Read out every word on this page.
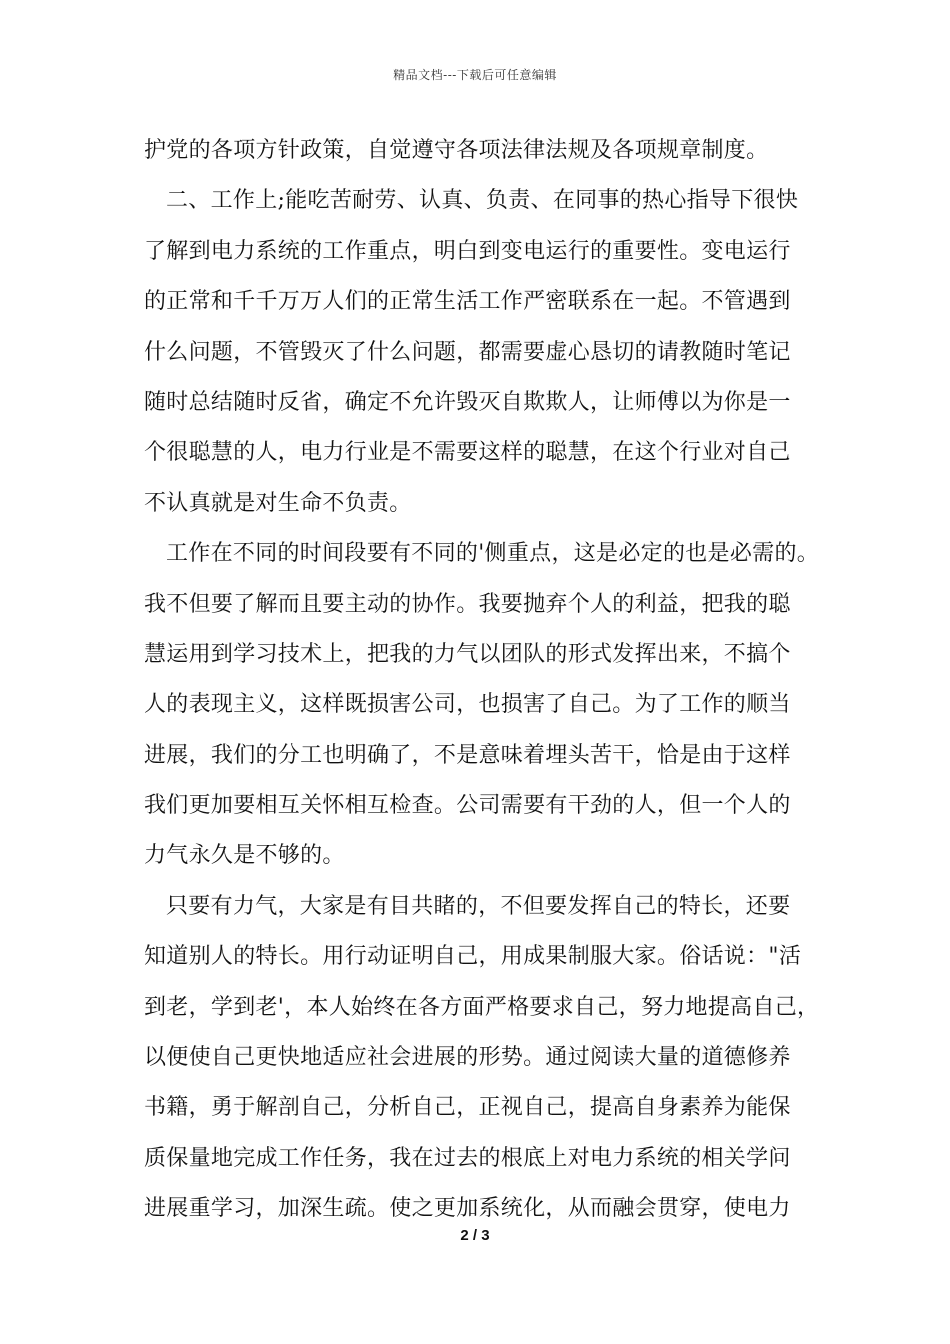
精品文档---下载后可任意编辑
护党的各项方针政策，自觉遵守各项法律法规及各项规章制度。
二、工作上;能吃苦耐劳、认真、负责、在同事的热心指导下很快
了解到电力系统的工作重点，明白到变电运行的重要性。变电运行
的正常和千千万万人们的正常生活工作严密联系在一起。不管遇到
什么问题，不管毁灭了什么问题，都需要虚心恳切的请教随时笔记
随时总结随时反省，确定不允许毁灭自欺欺人，让师傅以为你是一
个很聪慧的人，电力行业是不需要这样的聪慧，在这个行业对自己
不认真就是对生命不负责。
工作在不同的时间段要有不同的'侧重点，这是必定的也是必需的。
我不但要了解而且要主动的协作。我要抛弃个人的利益，把我的聪
慧运用到学习技术上，把我的力气以团队的形式发挥出来，不搞个
人的表现主义，这样既损害公司，也损害了自己。为了工作的顺当
进展，我们的分工也明确了，不是意味着埋头苦干，恰是由于这样
我们更加要相互关怀相互检查。公司需要有干劲的人，但一个人的
力气永久是不够的。
只要有力气，大家是有目共睹的，不但要发挥自己的特长，还要
知道别人的特长。用行动证明自己，用成果制服大家。俗话说："活
到老，学到老'，本人始终在各方面严格要求自己，努力地提高自己，
以便使自己更快地适应社会进展的形势。通过阅读大量的道德修养
书籍，勇于解剖自己，分析自己，正视自己，提高自身素养为能保
质保量地完成工作任务，我在过去的根底上对电力系统的相关学问
进展重学习，加深生疏。使之更加系统化，从而融会贯穿，使电力
2 / 3
